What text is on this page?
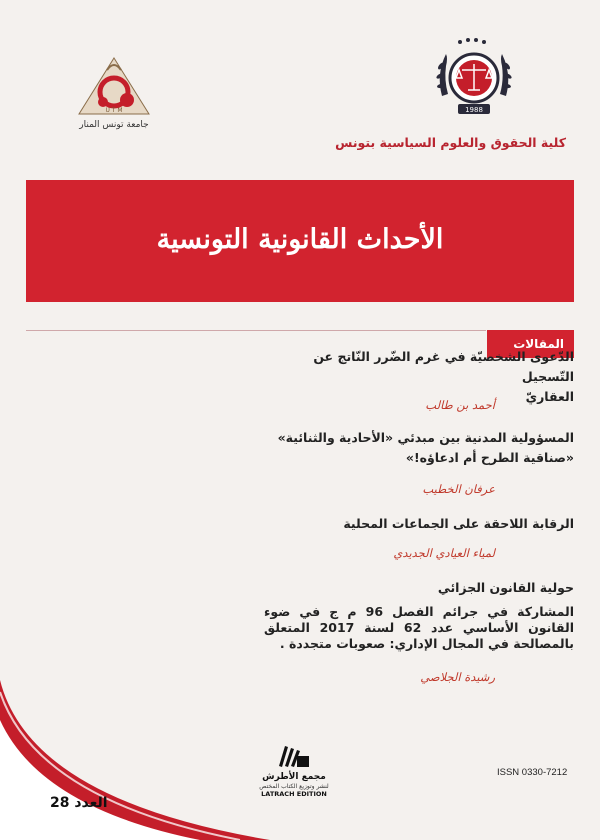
U T M
جامعة تونس المنار
1988
كلية الحقوق والعلوم السياسية بتونس
الأحداث القانونية التونسية
المقالات
الدّعوى الشخصيّة في غرم الضّرر النّاتج عن التّسجيل
العقاريّ
أحمد بن طالب
المسؤولية المدنية بين مبدئي «الأحادية والثنائية»
«صناقية الطرح أم ادعاؤه!»
عرفان الخطيب
الرقابة اللاحقة على الجماعات المحلية
لمياء العيادي الجديدي
حولية القانون الجزائي
المشاركة في جرائم الفصل 96 م ج في ضوء القانون الأساسي عدد 62 لسنة 2017 المتعلق بالمصالحة في المجال الإداري: صعوبات متجددة .
رشيدة الجلاصي
العدد 28
مجمع الأطرش
لنشر وتوزيع الكتاب المختص
LATRACH EDITION
ISSN 0330-7212
